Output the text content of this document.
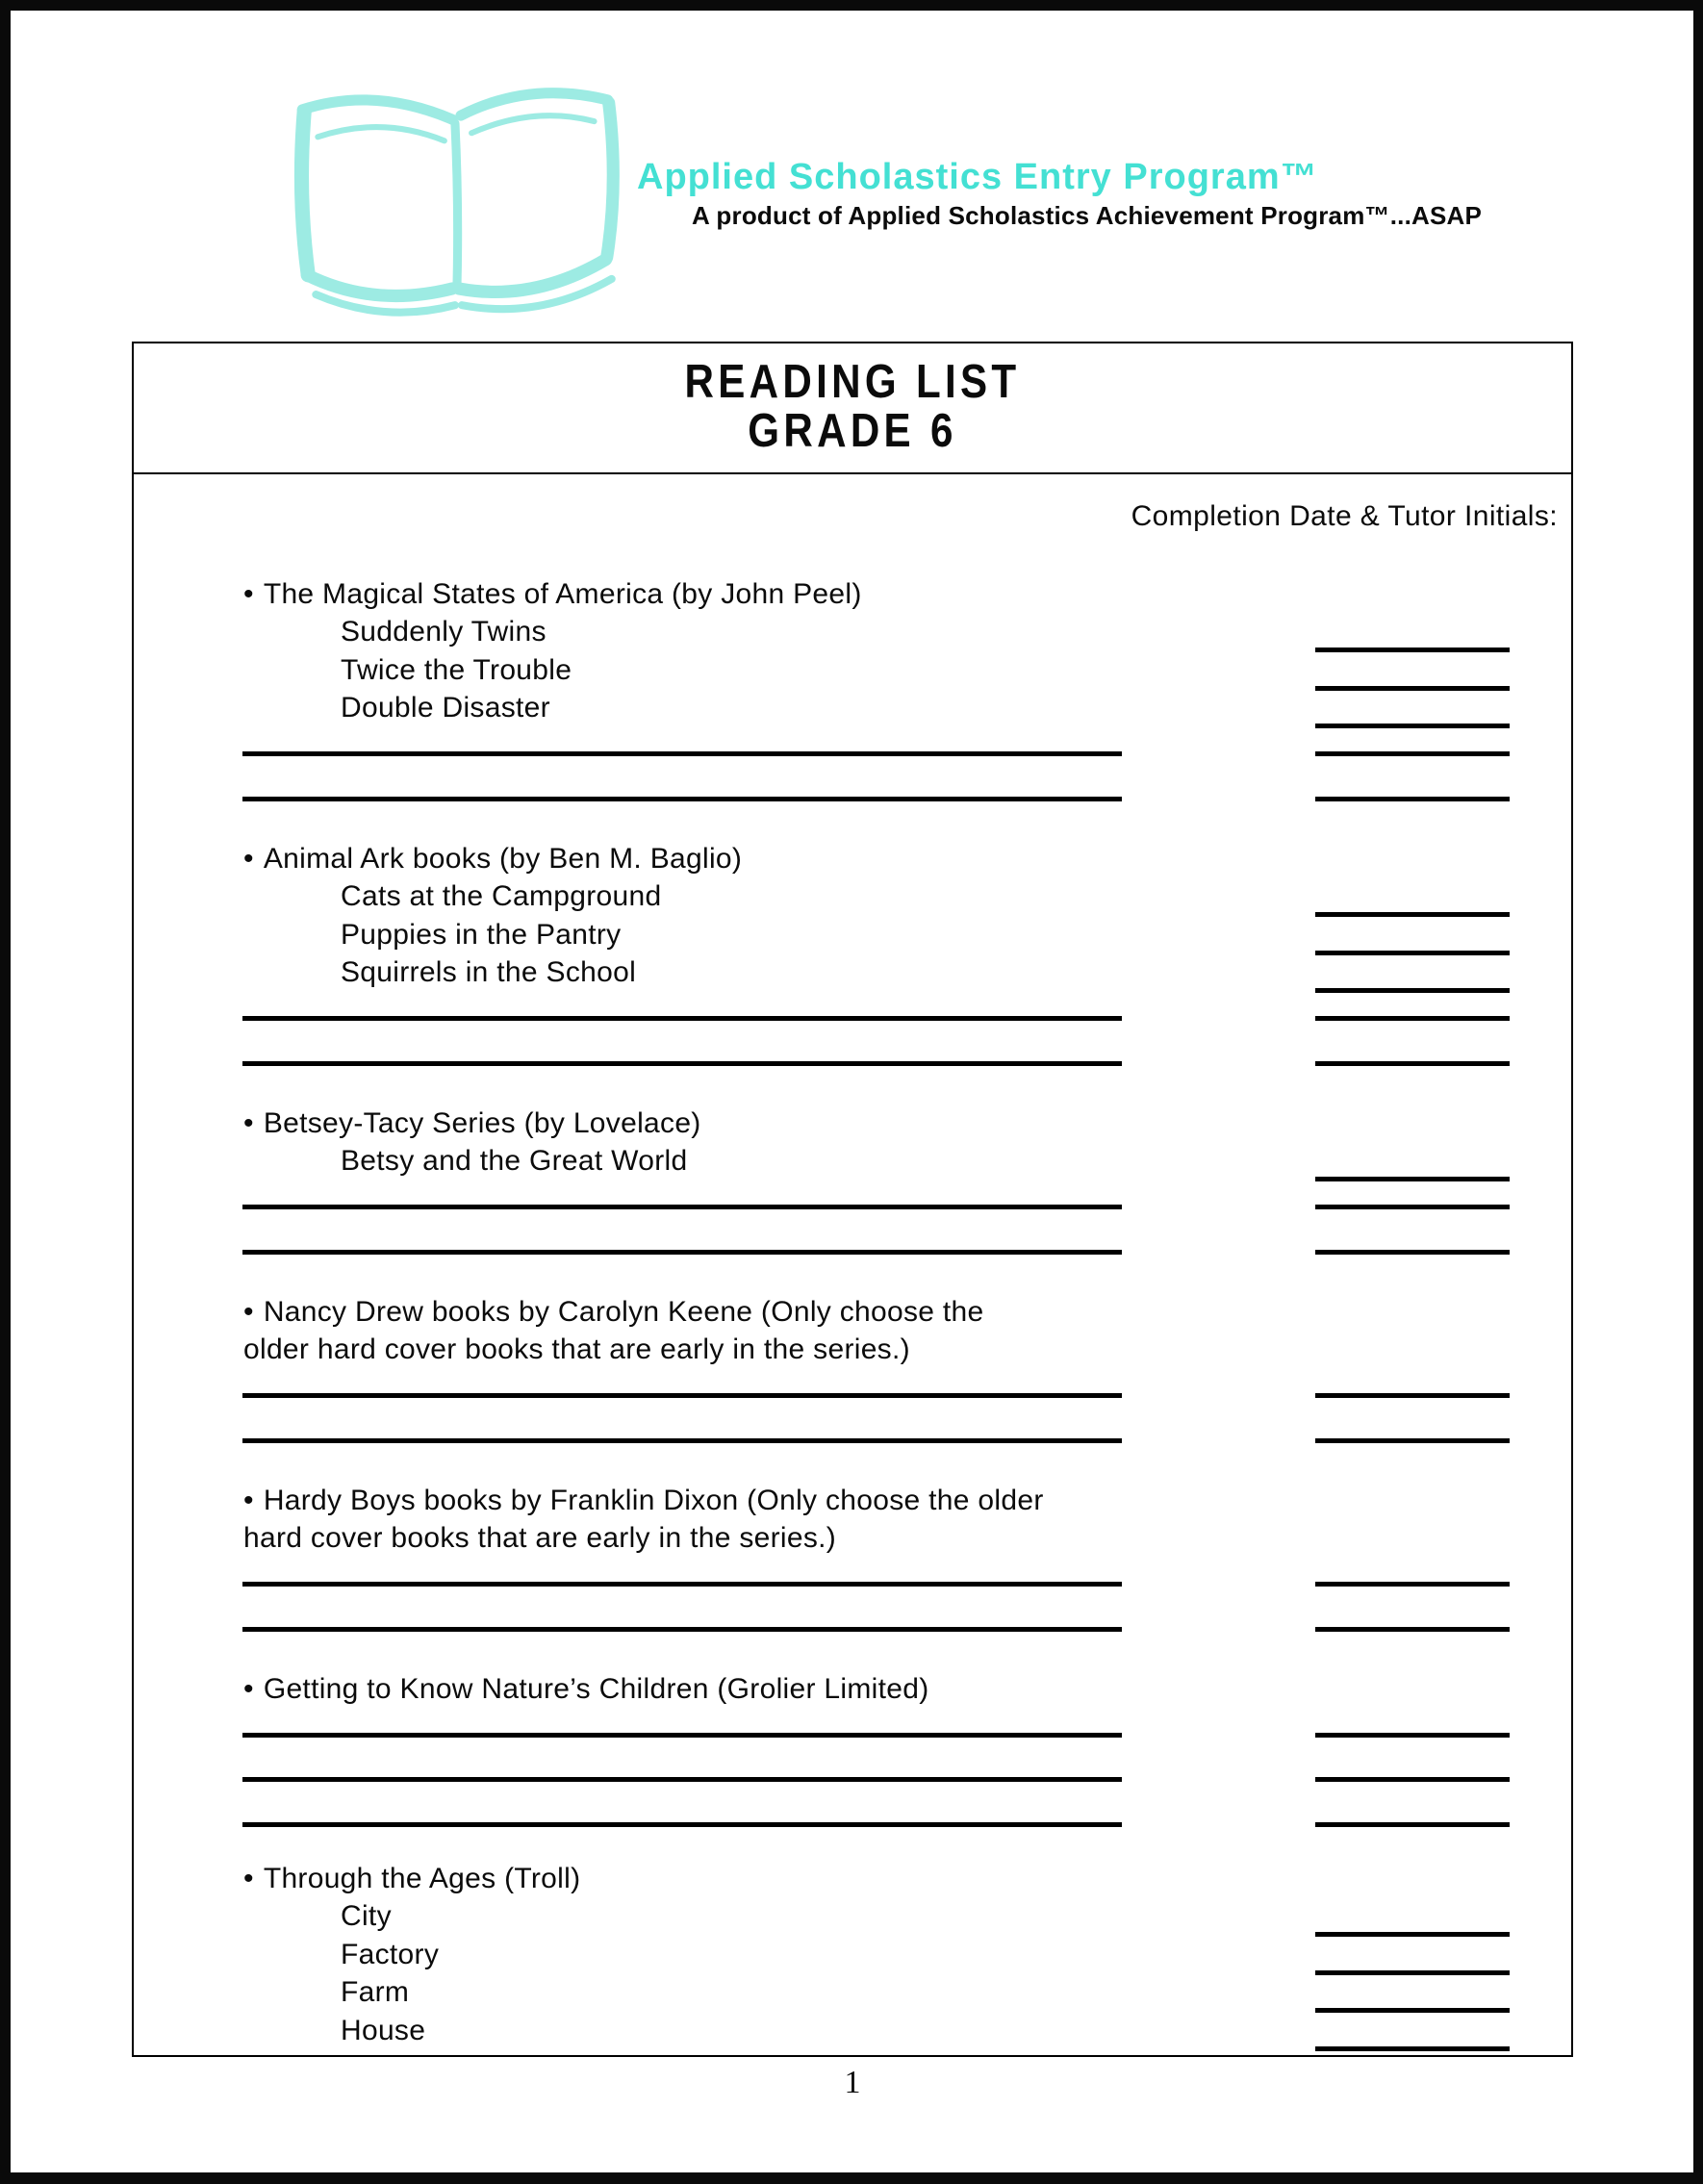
Applied Scholastics Entry Program™
A product of Applied Scholastics Achievement Program™...ASAP
READING LIST
GRADE 6
Completion Date & Tutor Initials:
• The Magical States of America (by John Peel)
Suddenly Twins
Twice the Trouble
Double Disaster
• Animal Ark books (by Ben M. Baglio)
Cats at the Campground
Puppies in the Pantry
Squirrels in the School
• Betsey-Tacy Series (by Lovelace)
Betsy and the Great World
• Nancy Drew books by Carolyn Keene (Only choose the
older hard cover books that are early in the series.)
• Hardy Boys books by Franklin Dixon (Only choose the older
hard cover books that are early in the series.)
• Getting to Know Nature’s Children (Grolier Limited)
• Through the Ages (Troll)
City
Factory
Farm
House
1
